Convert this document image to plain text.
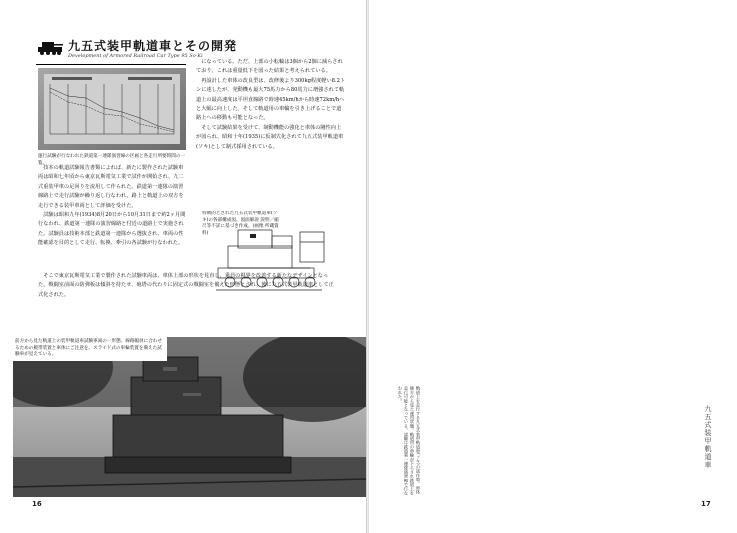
九五式装甲軌道車とその開発
Development of Armored Railroad Car Type 95 So-Ki
運行試験が行なわれた鉄道第一連隊演習線の区画と各走行所要時間の一覧。

技本の軌道試験報告書類によれば、新たに製作された試験車両は昭和七年頃から東京瓦斯電気工業で試作が開始され、九二式重装甲車の足回りを流用して作られた。鉄道第一連隊の演習線路上で走行試験が繰り返し行なわれ、路上と軌道上の双方を走行できる装甲車両として評価を受けた。

試験は昭和九年(1934)8月20日から10月31日まで約2ヶ月間行なわれ、鉄道第一連隊の演習線路と付近の道路上で実施された。試験員は技術本部と鉄道第一連隊から選抜され、車両の性能確認を目的として走行、転換、牽引の各試験が行なわれた。

そこで東京瓦斯電気工業で製作された試験車両は、車体上部の形状を見直し、乗員の視界を改善する新たなデザインとなった。戦闘室前面の防弾板は傾斜を持たせ、砲塔の代わりに固定式の戦闘室を備えた形態とされ、後に九五式装甲軌道車として正式化された。

になっている。ただ、上部の小転輪は3個から2個に減らされており、これは重量低下を図った結果と考えられている。

再設計した車体の改良型は、改修後より300kg程度軽い8.2トンに達したが、発動機も最大75馬力から80馬力に増強されて軌道上の最高速度は平坦直線路で時速45km/hから時速72km/hへと大幅に向上した。そして軌道用の車輪を引き上げることで道路上への移動も可能となった。

そして試験結果を受けて、制動機能の強化と車体の剛性向上が図られ、昭和十年(1935)に仮制式化されて九五式装甲軌道車(ソキ)として制式採用されている。

特徴的とされた九五式装甲軌道車(ソキ)の各部構成図。図面解説 説明／縮尺等不詳に基づき作成。(画像 所蔵資料)
前方から見た軌道上の装甲軌道車試験車両の一形態。線路幅員に合わせるための履帯装置と車体にご注意を。スライド式の車輪装置を備えた試験車が見えている。
16
軌道上を走行する九五式装甲軌道車(ソキ)の試作車。車体後方から見た運用状態。軌道用の車輪が下ろされ鉄道上を走行可能となっている。試験は鉄道第一連隊演習線で行なわれた。
九五式装甲軌道車
17
